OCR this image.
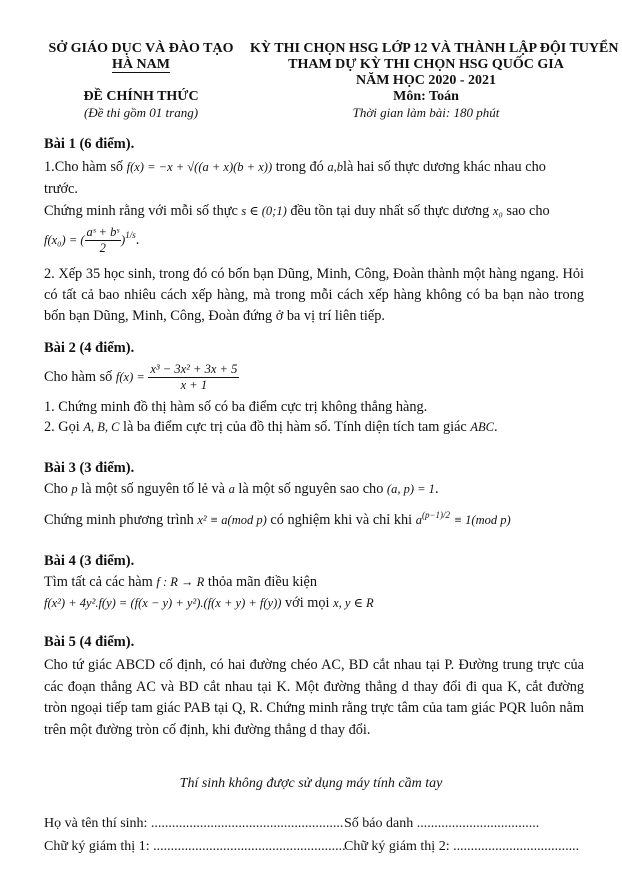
SỞ GIÁO DỤC VÀ ĐÀO TẠO
HÀ NAM
ĐỀ CHÍNH THỨC
(Đề thi gồm 01 trang)
KỲ THI CHỌN HSG LỚP 12 VÀ THÀNH LẬP ĐỘI TUYỂN
THAM DỰ KỲ THI CHỌN HSG QUỐC GIA
NĂM HỌC 2020 - 2021
Môn: Toán
Thời gian làm bài: 180 phút
Bài 1 (6 điểm).
1.Cho hàm số f(x) = −x + √((a + x)(b + x)) trong đó a,blà hai số thực dương khác nhau cho
trước.
Chứng minh rằng với mỗi số thực s ∈ (0;1) đều tồn tại duy nhất số thực dương x₀ sao cho
f(x₀) = ( $\frac{\text{aˢ + bˢ}}{2} )^{1/s}$.
2. Xếp 35 học sinh, trong đó có bốn bạn Dũng, Minh, Công, Đoàn thành một hàng ngang. Hỏi có tất cả bao nhiêu cách xếp hàng, mà trong mỗi cách xếp hàng không có ba bạn nào trong bốn bạn Dũng, Minh, Công, Đoàn đứng ở ba vị trí liên tiếp.
Bài 2 (4 điểm).
Cho hàm số $f(x) = \frac{\text{x³ − 3x² + 3x + 5}}{x + 1}$
1. Chứng minh đồ thị hàm số có ba điểm cực trị không thẳng hàng.
2. Gọi A, B, C là ba điểm cực trị của đồ thị hàm số. Tính diện tích tam giác ABC.
Bài 3 (3 điểm).
Cho p là một số nguyên tố lẻ và a là một số nguyên sao cho (a, p) = 1.
Chứng minh phương trình x² ≡ a(mod p) có nghiệm khi và chỉ khi $a^{(p-1)/2} \equiv 1(mod$ p)
Bài 4 (3 điểm).
Tìm tất cả các hàm f : R → R thỏa mãn điều kiện
f(x²) + 4y².f(y) = (f(x − y) + y²).(f(x + y) + f(y)) với mọi x, y ∈ R
Bài 5 (4 điểm).
Cho tứ giác ABCD cố định, có hai đường chéo AC, BD cắt nhau tại P. Đường trung trực của các đoạn thẳng AC và BD cắt nhau tại K. Một đường thẳng d thay đổi đi qua K, cắt đường tròn ngoại tiếp tam giác PAB tại Q, R. Chứng minh rằng trực tâm của tam giác PQR luôn nằm trên một đường tròn cố định, khi đường thẳng d thay đổi.
Thí sinh không được sử dụng máy tính cầm tay
Họ và tên thí sinh: ....................................................... Số báo danh ...................................
Chữ ký giám thị 1: .......................................................
Chữ ký giám thị 2: ....................................
